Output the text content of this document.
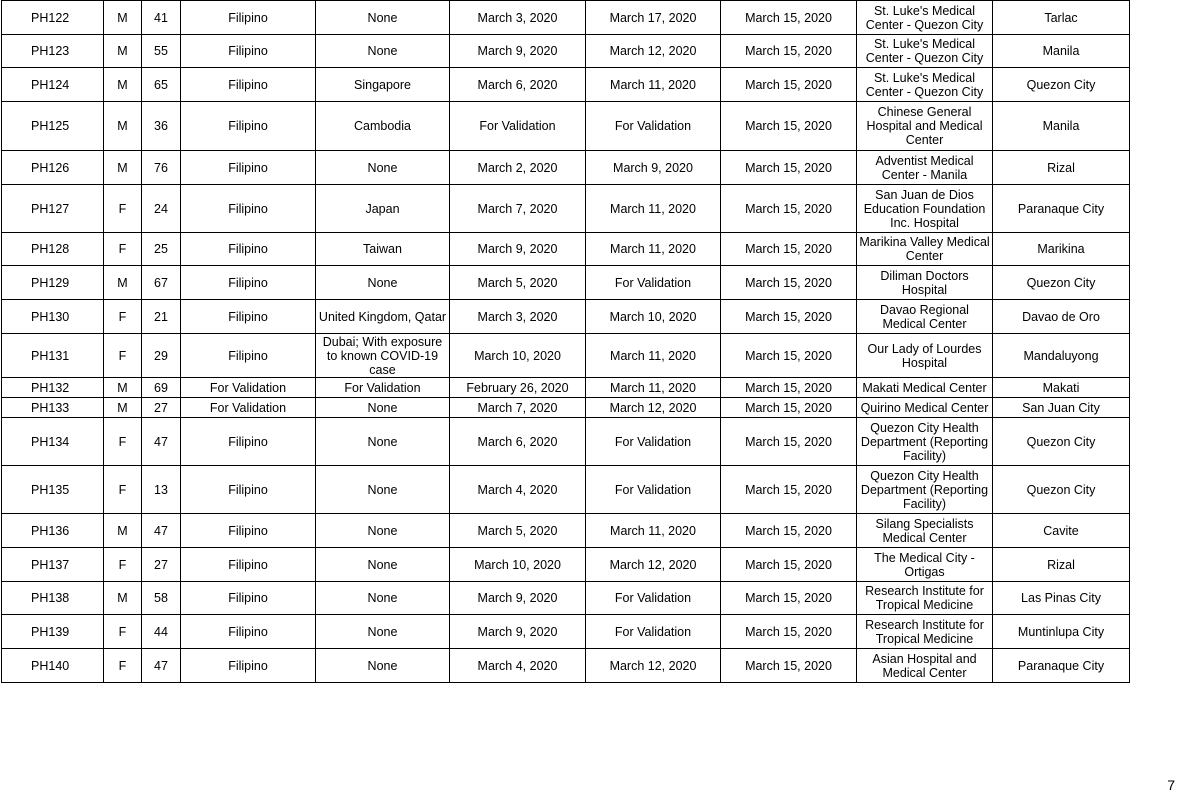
PH122	M	41	Filipino	None	March 3, 2020	March 17, 2020	March 15, 2020	St. Luke's Medical Center - Quezon City	Tarlac
PH123	M	55	Filipino	None	March 9, 2020	March 12, 2020	March 15, 2020	St. Luke's Medical Center - Quezon City	Manila
PH124	M	65	Filipino	Singapore	March 6, 2020	March 11, 2020	March 15, 2020	St. Luke's Medical Center - Quezon City	Quezon City
PH125	M	36	Filipino	Cambodia	For Validation	For Validation	March 15, 2020	Chinese General Hospital and Medical Center	Manila
PH126	M	76	Filipino	None	March 2, 2020	March 9, 2020	March 15, 2020	Adventist Medical Center - Manila	Rizal
PH127	F	24	Filipino	Japan	March 7, 2020	March 11, 2020	March 15, 2020	San Juan de Dios Education Foundation Inc. Hospital	Paranaque City
PH128	F	25	Filipino	Taiwan	March 9, 2020	March 11, 2020	March 15, 2020	Marikina Valley Medical Center	Marikina
PH129	M	67	Filipino	None	March 5, 2020	For Validation	March 15, 2020	Diliman Doctors Hospital	Quezon City
PH130	F	21	Filipino	United Kingdom, Qatar	March 3, 2020	March 10, 2020	March 15, 2020	Davao Regional Medical Center	Davao de Oro
PH131	F	29	Filipino	Dubai; With exposure to known COVID-19 case	March 10, 2020	March 11, 2020	March 15, 2020	Our Lady of Lourdes Hospital	Mandaluyong
PH132	M	69	For Validation	For Validation	February 26, 2020	March 11, 2020	March 15, 2020	Makati Medical Center	Makati
PH133	M	27	For Validation	None	March 7, 2020	March 12, 2020	March 15, 2020	Quirino Medical Center	San Juan City
PH134	F	47	Filipino	None	March 6, 2020	For Validation	March 15, 2020	Quezon City Health Department (Reporting Facility)	Quezon City
PH135	F	13	Filipino	None	March 4, 2020	For Validation	March 15, 2020	Quezon City Health Department (Reporting Facility)	Quezon City
PH136	M	47	Filipino	None	March 5, 2020	March 11, 2020	March 15, 2020	Silang Specialists Medical Center	Cavite
PH137	F	27	Filipino	None	March 10, 2020	March 12, 2020	March 15, 2020	The Medical City - Ortigas	Rizal
PH138	M	58	Filipino	None	March 9, 2020	For Validation	March 15, 2020	Research Institute for Tropical Medicine	Las Pinas City
PH139	F	44	Filipino	None	March 9, 2020	For Validation	March 15, 2020	Research Institute for Tropical Medicine	Muntinlupa City
PH140	F	47	Filipino	None	March 4, 2020	March 12, 2020	March 15, 2020	Asian Hospital and Medical Center	Paranaque City
7
